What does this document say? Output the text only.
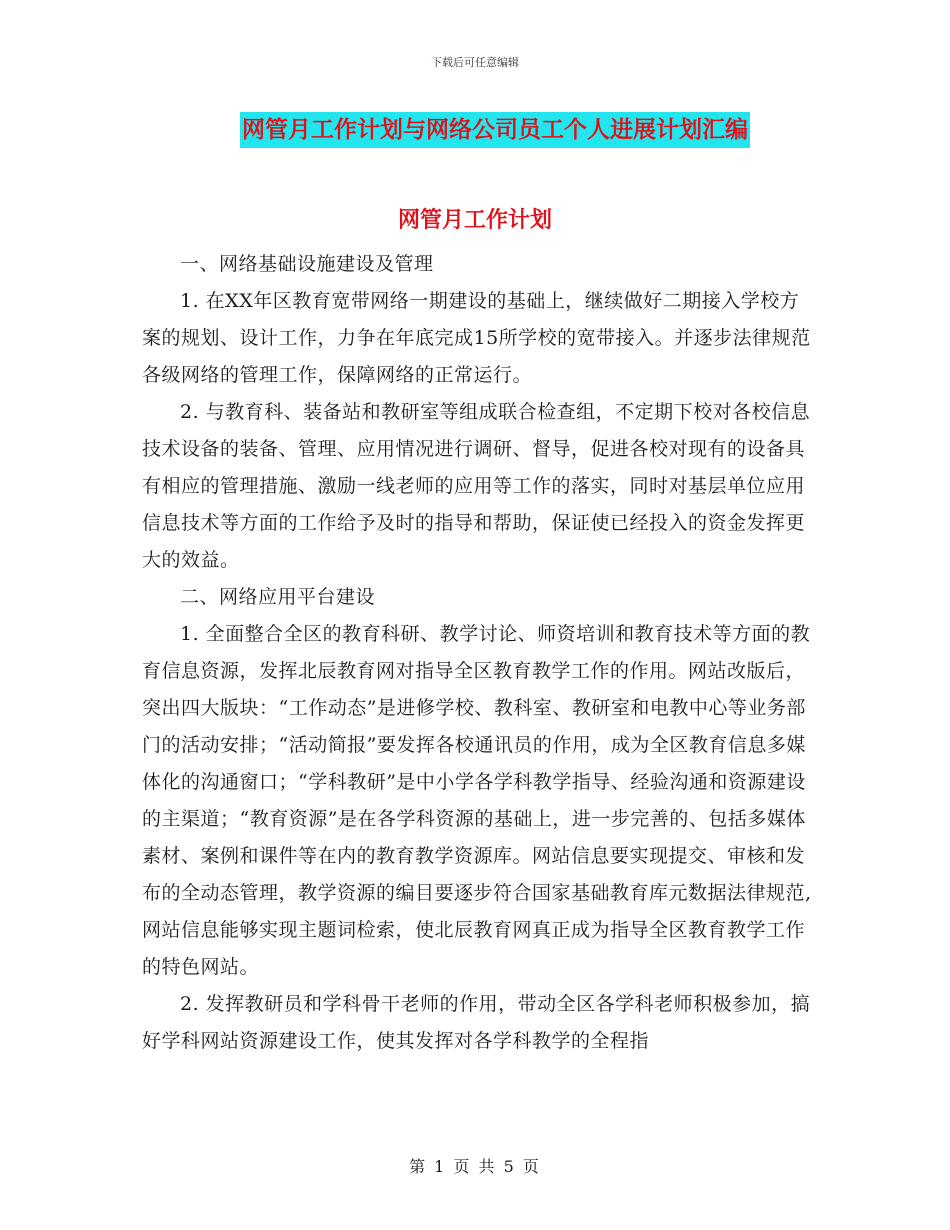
下载后可任意编辑
网管月工作计划与网络公司员工个人进展计划汇编
网管月工作计划

一、网络基础设施建设及管理

1. 在XX年区教育宽带网络一期建设的基础上，继续做好二期接入学校方案的规划、设计工作，力争在年底完成15所学校的宽带接入。并逐步法律规范各级网络的管理工作，保障网络的正常运行。

2. 与教育科、装备站和教研室等组成联合检查组，不定期下校对各校信息技术设备的装备、管理、应用情况进行调研、督导，促进各校对现有的设备具有相应的管理措施、激励一线老师的应用等工作的落实，同时对基层单位应用信息技术等方面的工作给予及时的指导和帮助，保证使已经投入的资金发挥更大的效益。

二、网络应用平台建设

1. 全面整合全区的教育科研、教学讨论、师资培训和教育技术等方面的教育信息资源，发挥北辰教育网对指导全区教育教学工作的作用。网站改版后，突出四大版块：“工作动态”是进修学校、教科室、教研室和电教中心等业务部门的活动安排；“活动简报”要发挥各校通讯员的作用，成为全区教育信息多媒体化的沟通窗口；“学科教研”是中小学各学科教学指导、经验沟通和资源建设的主渠道；“教育资源”是在各学科资源的基础上，进一步完善的、包括多媒体素材、案例和课件等在内的教育教学资源库。网站信息要实现提交、审核和发布的全动态管理，教学资源的编目要逐步符合国家基础教育库元数据法律规范,网站信息能够实现主题词检索，使北辰教育网真正成为指导全区教育教学工作的特色网站。

2. 发挥教研员和学科骨干老师的作用，带动全区各学科老师积极参加，搞好学科网站资源建设工作，使其发挥对各学科教学的全程指

第 1 页 共 5 页
